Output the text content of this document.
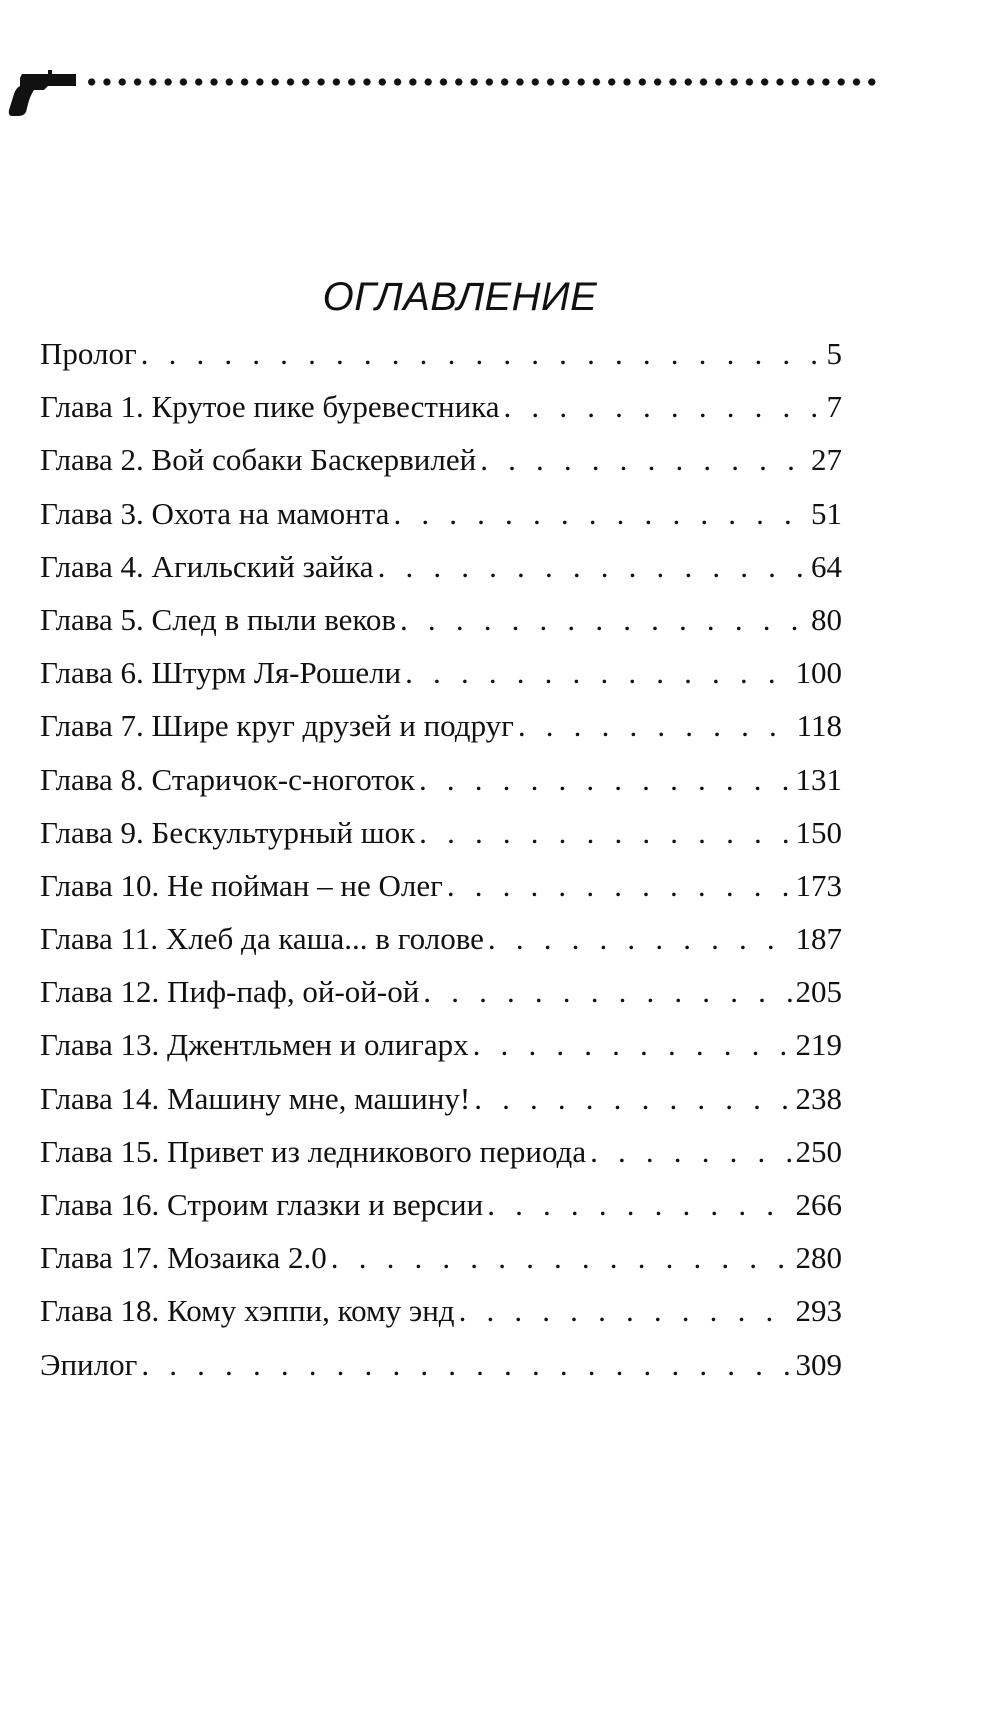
ОГЛАВЛЕНИЕ
Пролог . . .	5
Глава 1. Крутое пике буревестника . . .	7
Глава 2. Вой собаки Баскервилей . . .	27
Глава 3. Охота на мамонта . . .	51
Глава 4. Агильский зайка . . .	64
Глава 5. След в пыли веков . . .	80
Глава 6. Штурм Ля-Рошели . . .	100
Глава 7. Шире круг друзей и подруг . . .	118
Глава 8. Старичок-с-ноготок . . .	131
Глава 9. Бескультурный шок . . .	150
Глава 10. Не пойман – не Олег . . .	173
Глава 11. Хлеб да каша... в голове . . .	187
Глава 12. Пиф-паф, ой-ой-ой . . .	205
Глава 13. Джентльмен и олигарх . . .	219
Глава 14. Машину мне, машину! . . .	238
Глава 15. Привет из ледникового периода . . .	250
Глава 16. Строим глазки и версии . . .	266
Глава 17. Мозаика 2.0 . . .	280
Глава 18. Кому хэппи, кому энд . . .	293
Эпилог . . .	309
